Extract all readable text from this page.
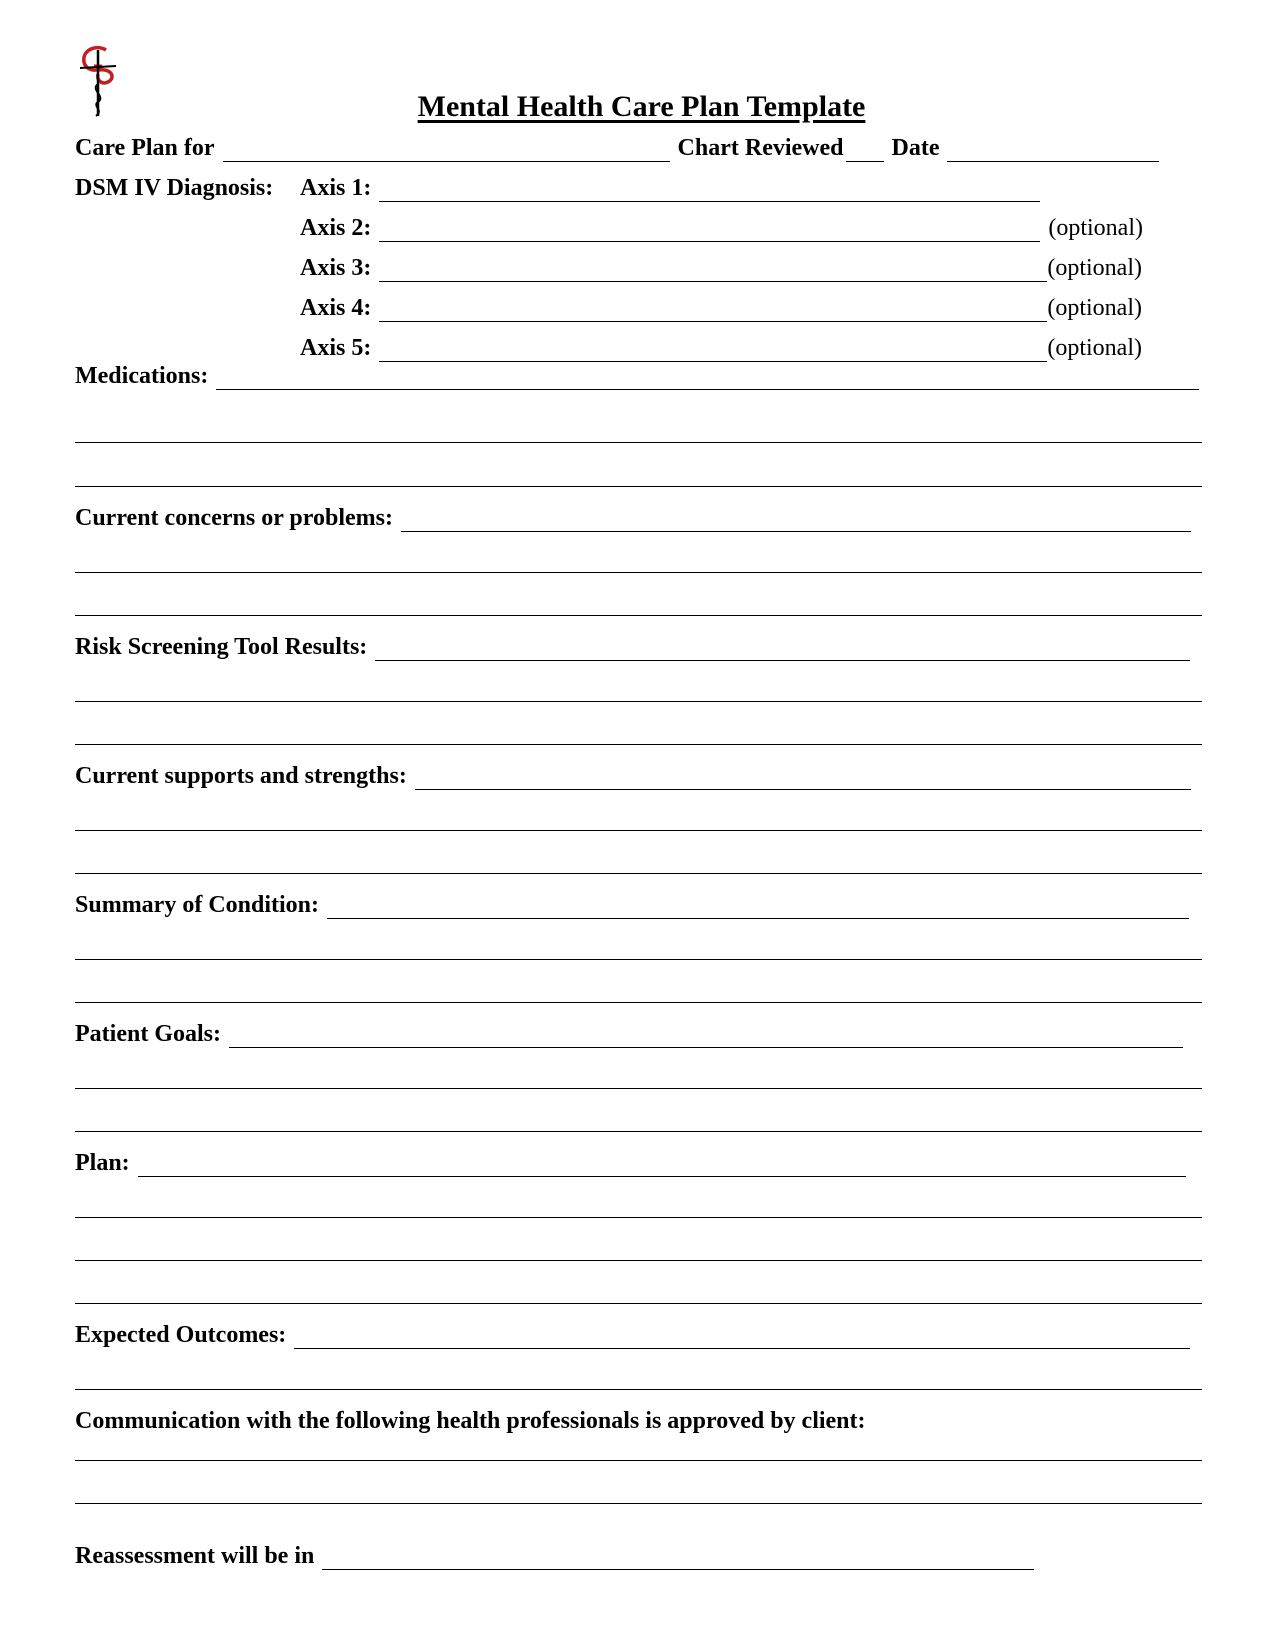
Mental Health Care Plan Template
Care Plan for	Chart Reviewed Date
DSM IV Diagnosis: Axis 1:
Axis 2:	(optional)
Axis 3:	(optional)
Axis 4:	(optional)
Axis 5:	(optional)
Medications:
Current concerns or problems:
Risk Screening Tool Results:
Current supports and strengths:
Summary of Condition:
Patient Goals:
Plan:
Expected Outcomes:
Communication with the following health professionals is approved by client:
Reassessment will be in
